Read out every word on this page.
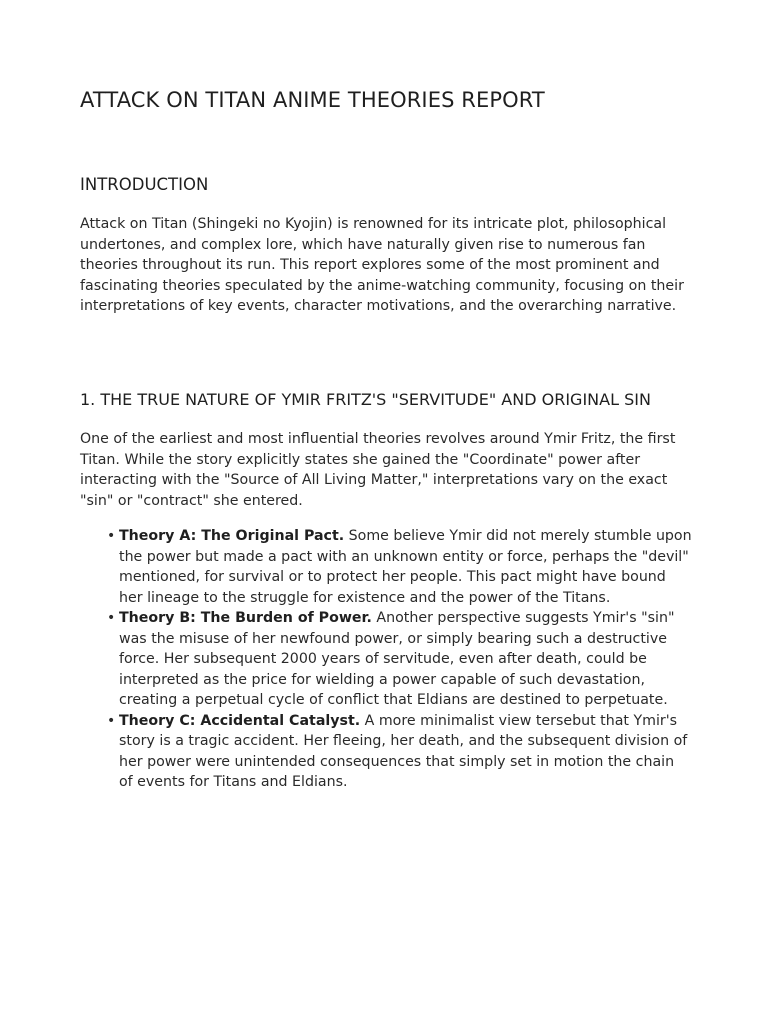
ATTACK ON TITAN ANIME THEORIES REPORT
INTRODUCTION

Attack on Titan (Shingeki no Kyojin) is renowned for its intricate plot, philosophical undertones, and complex lore, which have naturally given rise to numerous fan theories throughout its run. This report explores some of the most prominent and fascinating theories speculated by the anime-watching community, focusing on their interpretations of key events, character motivations, and the overarching narrative.

1. THE TRUE NATURE OF YMIR FRITZ'S "SERVITUDE" AND ORIGINAL SIN

One of the earliest and most influential theories revolves around Ymir Fritz, the first Titan. While the story explicitly states she gained the "Coordinate" power after interacting with the "Source of All Living Matter," interpretations vary on the exact "sin" or "contract" she entered.

• Theory A: The Original Pact. Some believe Ymir did not merely stumble upon the power but made a pact with an unknown entity or force, perhaps the "devil" mentioned, for survival or to protect her people. This pact might have bound her lineage to the struggle for existence and the power of the Titans.
• Theory B: The Burden of Power. Another perspective suggests Ymir's "sin" was the misuse of her newfound power, or simply bearing such a destructive force. Her subsequent 2000 years of servitude, even after death, could be interpreted as the price for wielding a power capable of such devastation, creating a perpetual cycle of conflict that Eldians are destined to perpetuate.
• Theory C: Accidental Catalyst. A more minimalist view tersebut that Ymir's story is a tragic accident. Her fleeing, her death, and the subsequent division of her power were unintended consequences that simply set in motion the chain of events for Titans and Eldians.
